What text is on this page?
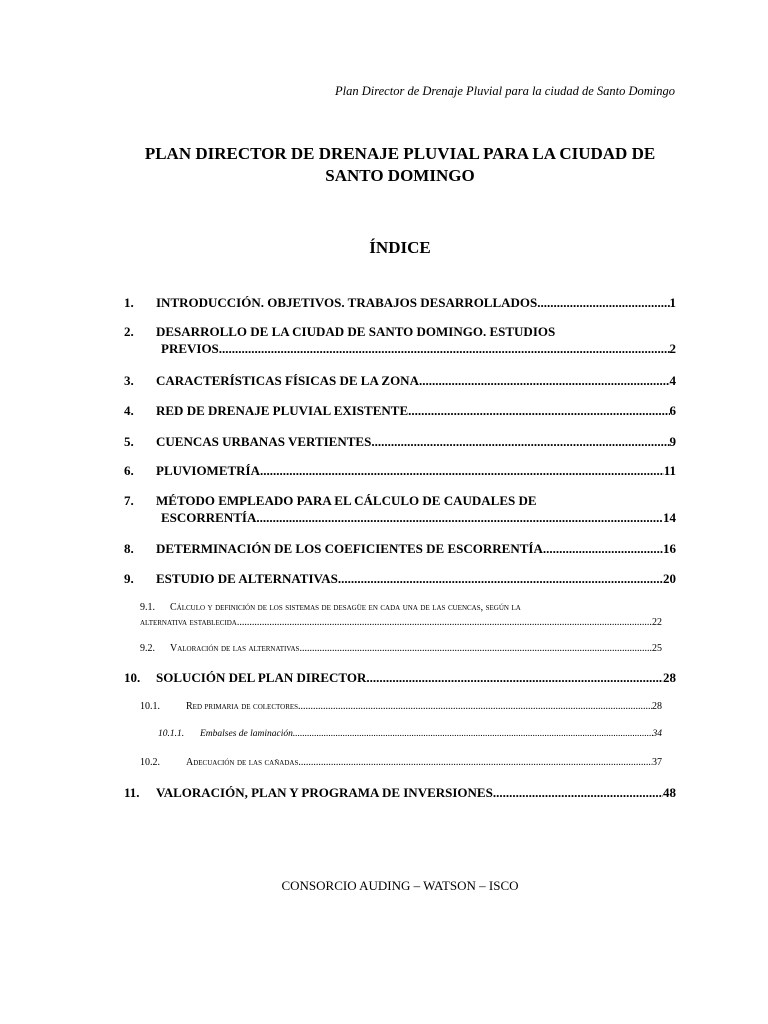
Plan Director de Drenaje Pluvial para la ciudad de Santo Domingo
PLAN DIRECTOR DE DRENAJE PLUVIAL PARA LA CIUDAD DE
SANTO DOMINGO
ÍNDICE
1. INTRODUCCIÓN. OBJETIVOS. TRABAJOS DESARROLLADOS .....	1
2. DESARROLLO DE LA CIUDAD DE SANTO DOMINGO. ESTUDIOS
PREVIOS .....	2
3. CARACTERÍSTICAS FÍSICAS DE LA ZONA .....	4
4. RED DE DRENAJE PLUVIAL EXISTENTE .....	6
5. CUENCAS URBANAS VERTIENTES .....	9
6. PLUVIOMETRÍA .....	11
7. MÉTODO EMPLEADO PARA EL CÁLCULO DE CAUDALES DE
ESCORRENTÍA .....	14
8. DETERMINACIÓN DE LOS COEFICIENTES DE ESCORRENTÍA .....	16
9. ESTUDIO DE ALTERNATIVAS .....	20
9.1. Cálculo y definición de los sistemas de desagüe en cada una de las cuencas, según la
alternativa establecida .....	22
9.2. Valoración de las alternativas .....	25
10. SOLUCIÓN DEL PLAN DIRECTOR .....	28
10.1.	Red primaria de colectores .....	28
10.1.1. Embalses de laminación .....	34
10.2.	Adecuación de las cañadas .....	37
11. VALORACIÓN, PLAN Y PROGRAMA DE INVERSIONES .....	48
CONSORCIO AUDING – WATSON – ISCO
